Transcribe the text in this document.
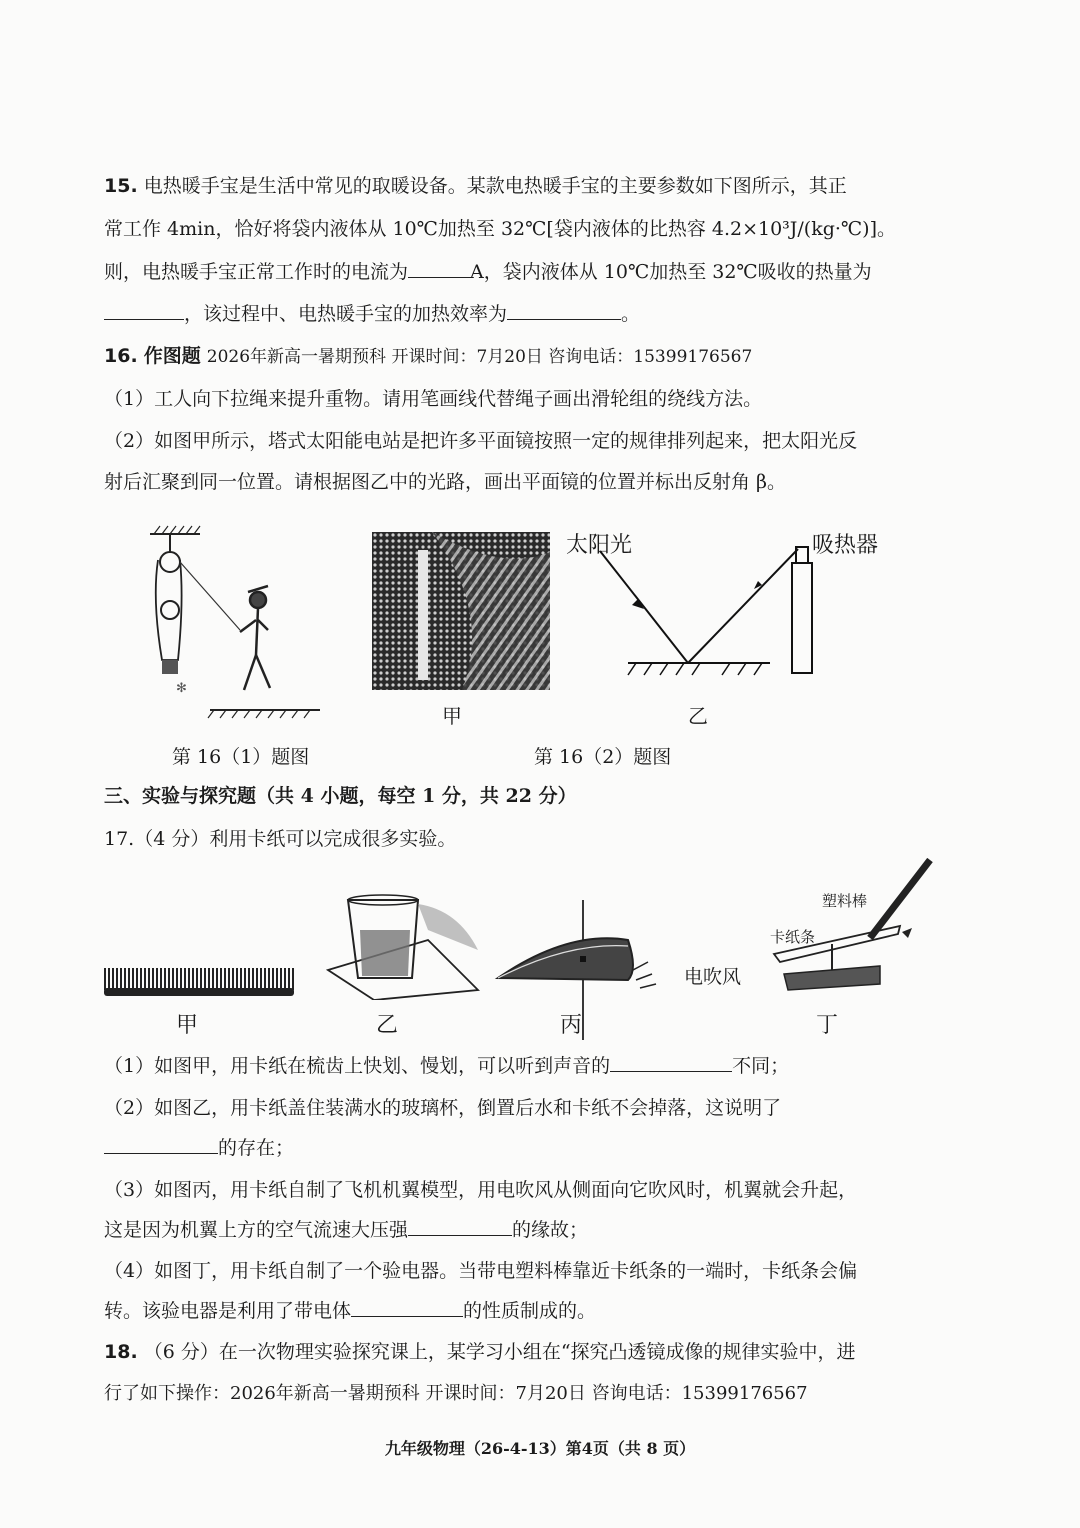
15. 电热暖手宝是生活中常见的取暖设备。某款电热暖手宝的主要参数如下图所示，其正
常工作 4min，恰好将袋内液体从 10℃加热至 32℃[袋内液体的比热容 4.2×10³J/(kg·℃)]。
则，电热暖手宝正常工作时的电流为	A，袋内液体从 10℃加热至 32℃吸收的热量为
，该过程中、电热暖手宝的加热效率为	。
16. 作图题 2026年新高一暑期预科 开课时间：7月20日 咨询电话：15399176567
（1）工人向下拉绳来提升重物。请用笔画线代替绳子画出滑轮组的绕线方法。
（2）如图甲所示，塔式太阳能电站是把许多平面镜按照一定的规律排列起来，把太阳光反
射后汇聚到同一位置。请根据图乙中的光路，画出平面镜的位置并标出反射角 β。
✻
甲
太阳光	吸热器
乙
第 16（1）题图	第 16（2）题图
三、实验与探究题（共 4 小题，每空 1 分，共 22 分）
17.（4 分）利用卡纸可以完成很多实验。
电吹风
塑料棒
卡纸条
甲	乙	丙	丁
（1）如图甲，用卡纸在梳齿上快划、慢划，可以听到声音的	不同；
（2）如图乙，用卡纸盖住装满水的玻璃杯，倒置后水和卡纸不会掉落，这说明了
的存在；
（3）如图丙，用卡纸自制了飞机机翼模型，用电吹风从侧面向它吹风时，机翼就会升起，
这是因为机翼上方的空气流速大压强	的缘故；
（4）如图丁，用卡纸自制了一个验电器。当带电塑料棒靠近卡纸条的一端时，卡纸条会偏
转。该验电器是利用了带电体	的性质制成的。
18. （6 分）在一次物理实验探究课上，某学习小组在“探究凸透镜成像的规律实验中，进
行了如下操作：2026年新高一暑期预科 开课时间：7月20日 咨询电话：15399176567
九年级物理（26-4-13）第4页（共 8 页）
